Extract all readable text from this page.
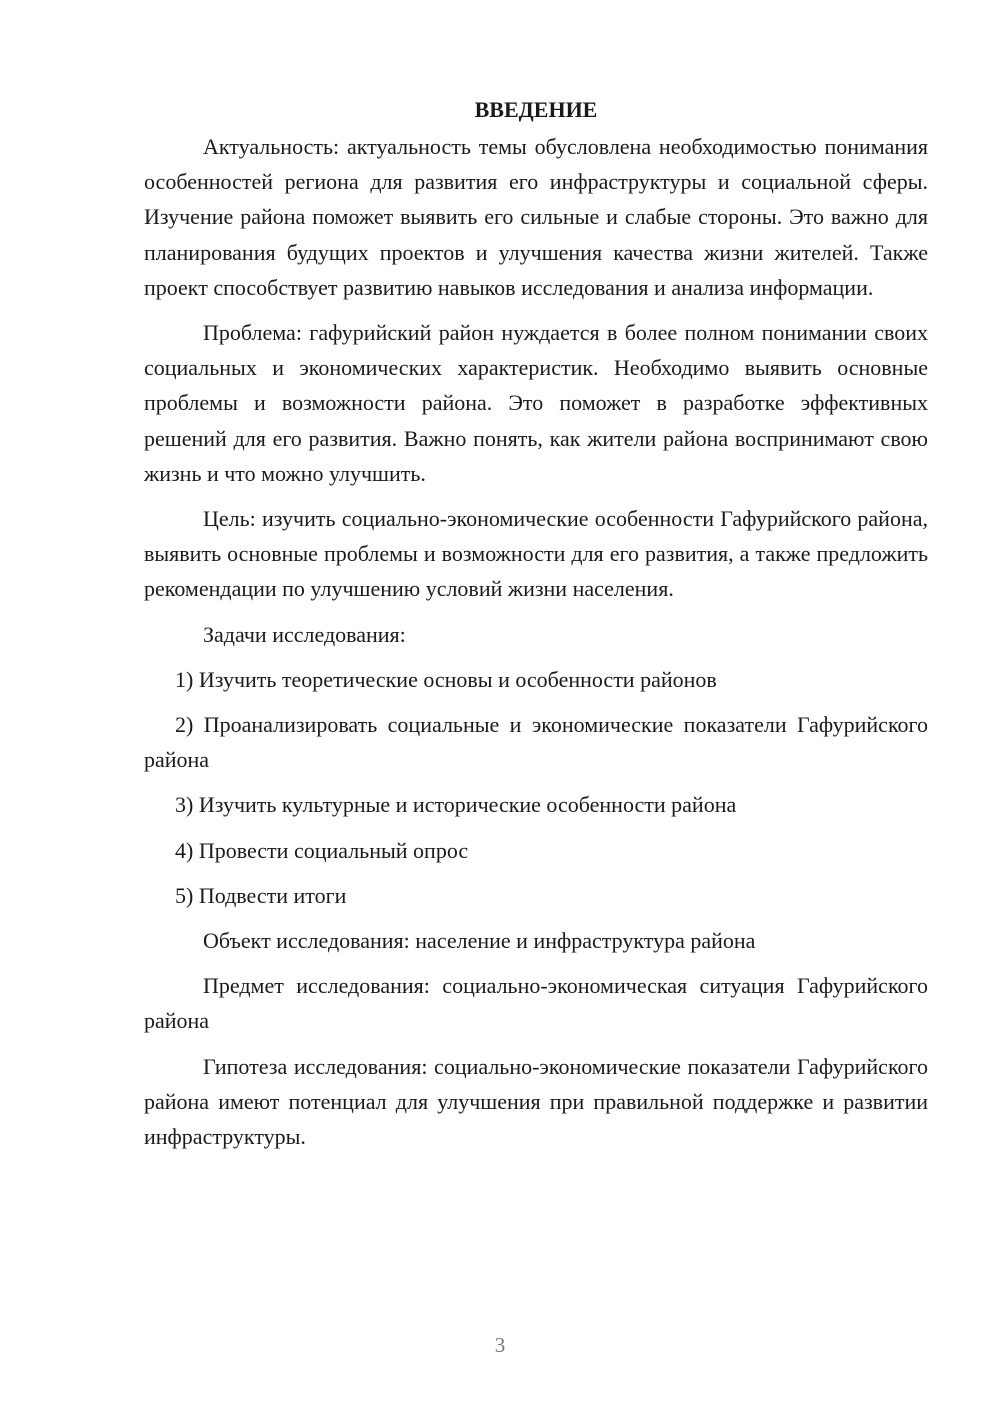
ВВЕДЕНИЕ

Актуальность: актуальность темы обусловлена необходимостью понимания особенностей региона для развития его инфраструктуры и социальной сферы. Изучение района поможет выявить его сильные и слабые стороны. Это важно для планирования будущих проектов и улучшения качества жизни жителей. Также проект способствует развитию навыков исследования и анализа информации.

Проблема: гафурийский район нуждается в более полном понимании своих социальных и экономических характеристик. Необходимо выявить основные проблемы и возможности района. Это поможет в разработке эффективных решений для его развития. Важно понять, как жители района воспринимают свою жизнь и что можно улучшить.

Цель: изучить социально-экономические особенности Гафурийского района, выявить основные проблемы и возможности для его развития, а также предложить рекомендации по улучшению условий жизни населения.

Задачи исследования:

1) Изучить теоретические основы и особенности районов

2) Проанализировать социальные и экономические показатели Гафурийского района

3) Изучить культурные и исторические особенности района

4) Провести социальный опрос

5) Подвести итоги

Объект исследования: население и инфраструктура района

Предмет исследования: социально-экономическая ситуация Гафурийского района

Гипотеза исследования: социально-экономические показатели Гафурийского района имеют потенциал для улучшения при правильной поддержке и развитии инфраструктуры.

3
